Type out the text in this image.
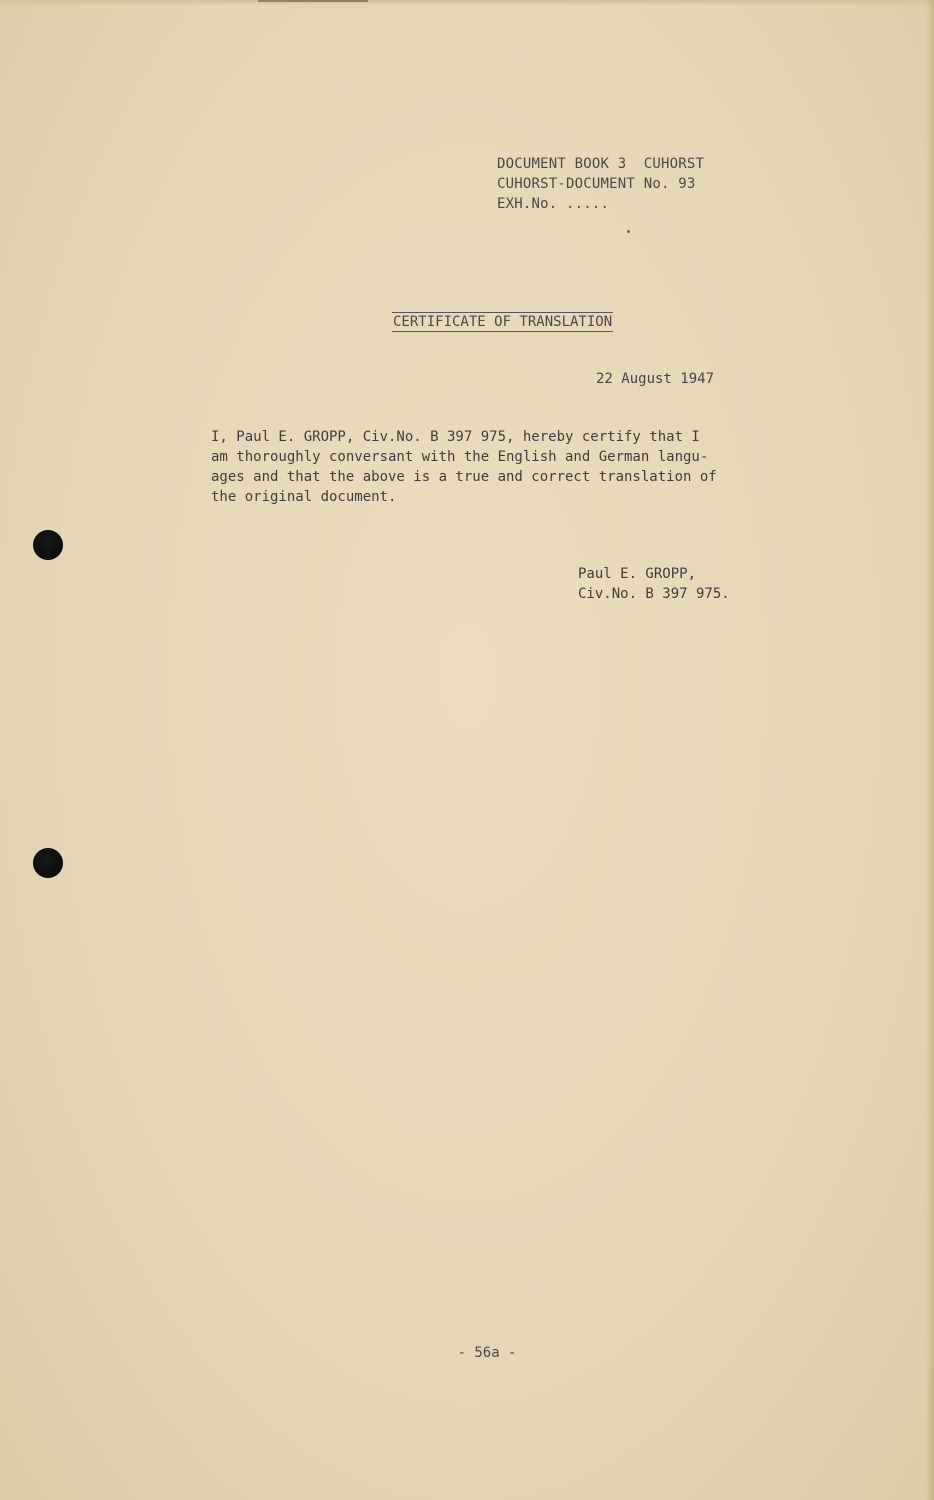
DOCUMENT BOOK 3  CUHORST
CUHORST-DOCUMENT No. 93
EXH.No. .....
CERTIFICATE OF TRANSLATION
22 August 1947
I, Paul E. GROPP, Civ.No. B 397 975, hereby certify that I
am thoroughly conversant with the English and German langu-
ages and that the above is a true and correct translation of
the original document.
Paul E. GROPP,
Civ.No. B 397 975.
- 56a -
